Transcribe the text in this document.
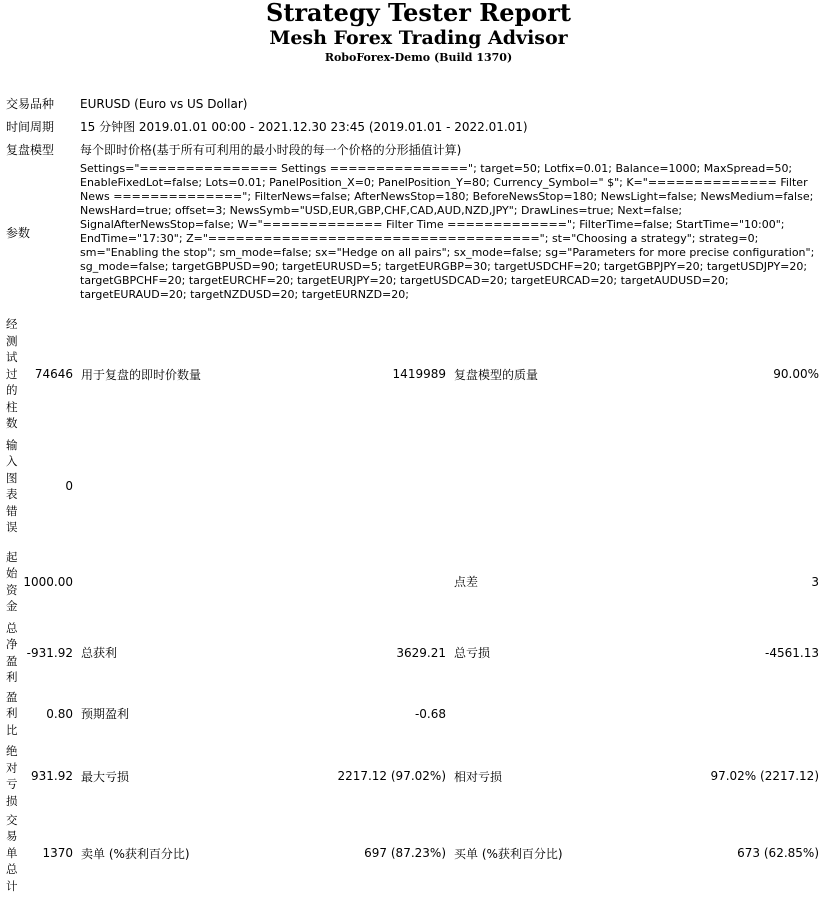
Strategy Tester Report
Mesh Forex Trading Advisor
RoboForex-Demo (Build 1370)
交易品种	EURUSD (Euro vs US Dollar)
时间周期	15 分钟图 2019.01.01 00:00 - 2021.12.30 23:45 (2019.01.01 - 2022.01.01)
复盘模型	每个即时价格(基于所有可利用的最小时段的每一个价格的分形插值计算)
参数
Settings="=============== Settings ==============="; target=50; Lotfix=0.01; Balance=1000; MaxSpread=50; EnableFixedLot=false; Lots=0.01; PanelPosition_X=0; PanelPosition_Y=80; Currency_Symbol=" $"; K="============== Filter News =============="; FilterNews=false; AfterNewsStop=180; BeforeNewsStop=180; NewsLight=false; NewsMedium=false; NewsHard=true; offset=3; NewsSymb="USD,EUR,GBP,CHF,CAD,AUD,NZD,JPY"; DrawLines=true; Next=false; SignalAfterNewsStop=false; W="============= Filter Time ============="; FilterTime=false; StartTime="10:00"; EndTime="17:30"; Z="===================================="; st="Choosing a strategy"; strateg=0; sm="Enabling the stop"; sm_mode=false; sx="Hedge on all pairs"; sx_mode=false; sg="Parameters for more precise configuration"; sg_mode=false; targetGBPUSD=90; targetEURUSD=5; targetEURGBP=30; targetUSDCHF=20; targetGBPJPY=20; targetUSDJPY=20; targetGBPCHF=20; targetEURCHF=20; targetEURJPY=20; targetUSDCAD=20; targetEURCAD=20; targetAUDUSD=20; targetEURAUD=20; targetNZDUSD=20; targetEURNZD=20;
经测试过的柱数
74646 用于复盘的即时价数量	1419989 复盘模型的质量	90.00%
输入图表错误
0
起始资金
1000.00	点差	3
总净盈利
-931.92 总获利	3629.21 总亏损	-4561.13
盈利比
0.80 预期盈利	-0.68
绝对亏损
931.92 最大亏损	2217.12 (97.02%) 相对亏损	97.02% (2217.12)
交易单总计
1370 卖单 (%获利百分比)	697 (87.23%) 买单 (%获利百分比)	673 (62.85%)
